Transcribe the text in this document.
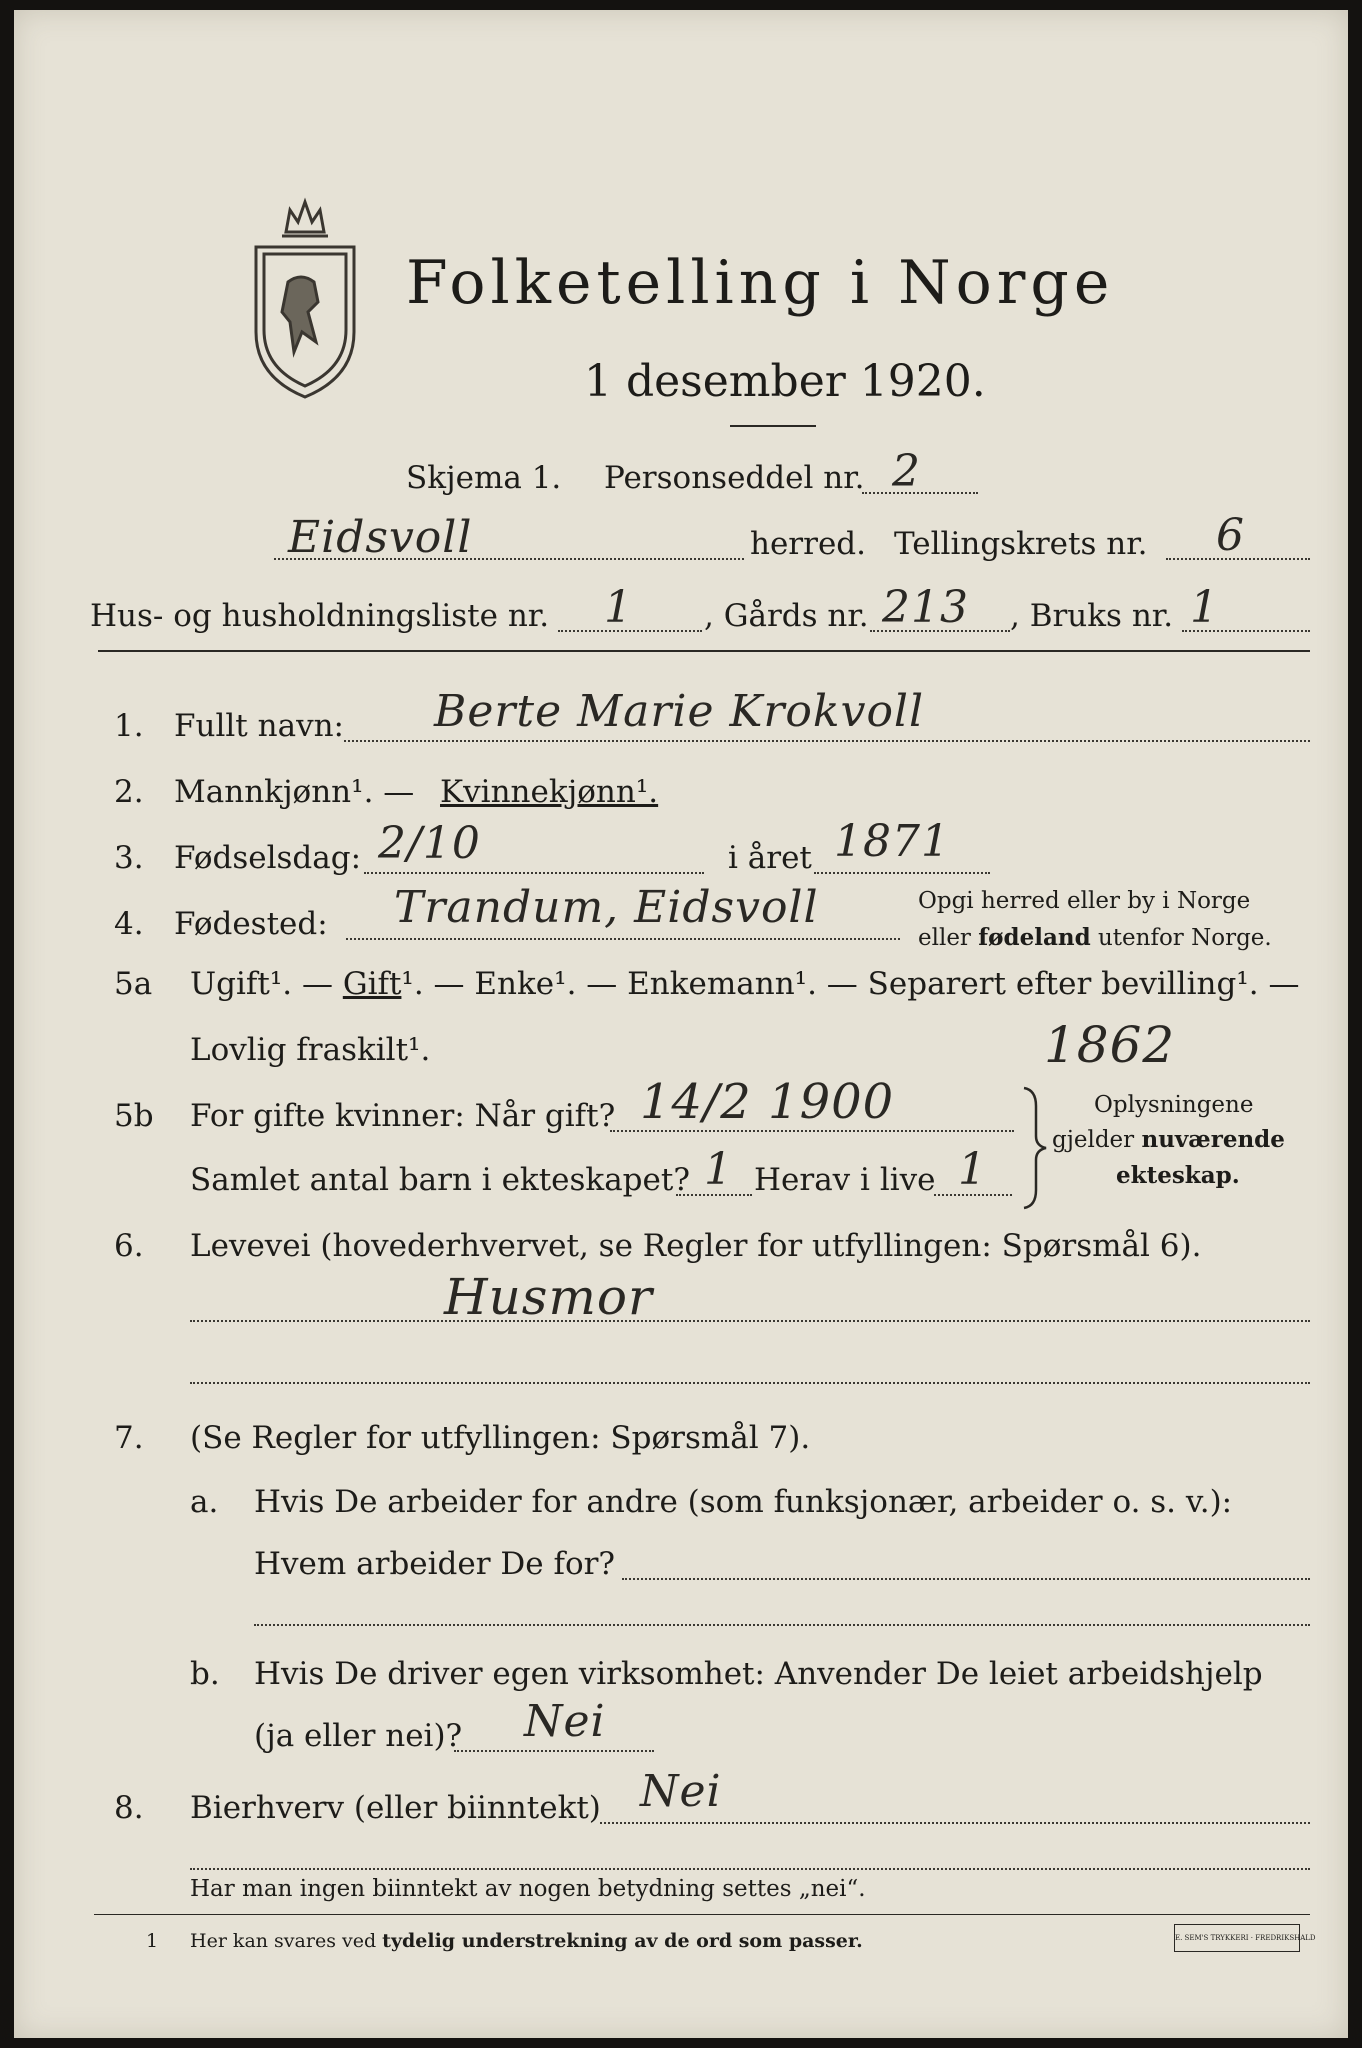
Folketelling i Norge
1 desember 1920.
Skjema 1. Personseddel nr. 2
Eidsvoll	herred. Tellingskrets nr. 6
Hus- og husholdningsliste nr. 1 , Gårds nr. 213 , Bruks nr. 1
1. Fullt navn: Berte Marie Krokvoll
2. Mannkjønn¹. — Kvinnekjønn¹.
3. Fødselsdag: 2/10	i året 1871
4. Fødested: Trandum, Eidsvoll	Opgi herred eller by i Norge
eller fødeland utenfor Norge.
5a Ugift¹. — Gift¹. — Enke¹. — Enkemann¹. — Separert efter bevilling¹. —
Lovlig fraskilt¹.	1862
5b For gifte kvinner: Når gift? 14/2 1900
Samlet antal barn i ekteskapet? 1 Herav i live 1
Oplysningene
gjelder nuværende
ekteskap.
6. Levevei (hovederhvervet, se Regler for utfyllingen: Spørsmål 6).
Husmor
7. (Se Regler for utfyllingen: Spørsmål 7).
a. Hvis De arbeider for andre (som funksjonær, arbeider o. s. v.):
Hvem arbeider De for?
b. Hvis De driver egen virksomhet: Anvender De leiet arbeidshjelp
(ja eller nei)? Nei
8. Bierhverv (eller biinntekt) Nei
Har man ingen biinntekt av nogen betydning settes „nei“.
1 Her kan svares ved tydelig understrekning av de ord som passer.	E. SEM'S TRYKKERI · FREDRIKSHALD
